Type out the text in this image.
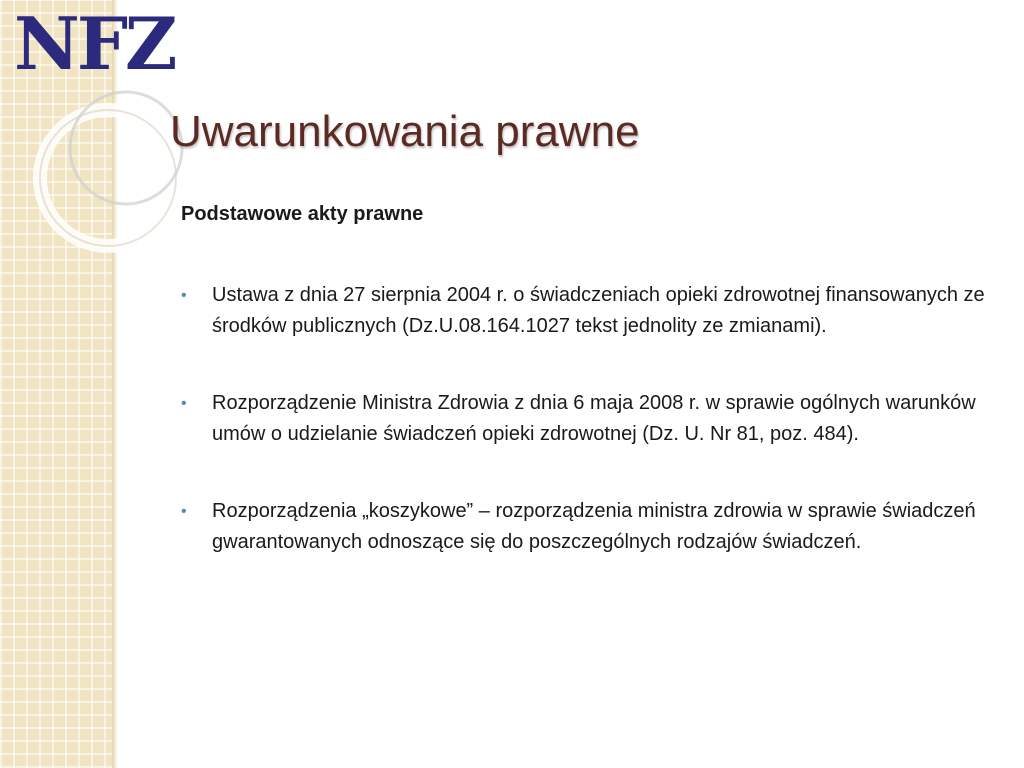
NFZ
Uwarunkowania prawne
Podstawowe akty prawne
• Ustawa z dnia 27 sierpnia 2004 r. o świadczeniach opieki zdrowotnej finansowanych ze środków publicznych (Dz.U.08.164.1027 tekst jednolity ze zmianami).
• Rozporządzenie Ministra Zdrowia z dnia 6 maja 2008 r. w sprawie ogólnych warunków umów o udzielanie świadczeń opieki zdrowotnej (Dz. U. Nr 81, poz. 484).
• Rozporządzenia „koszykowe” – rozporządzenia ministra zdrowia w sprawie świadczeń gwarantowanych odnoszące się do poszczególnych rodzajów świadczeń.
